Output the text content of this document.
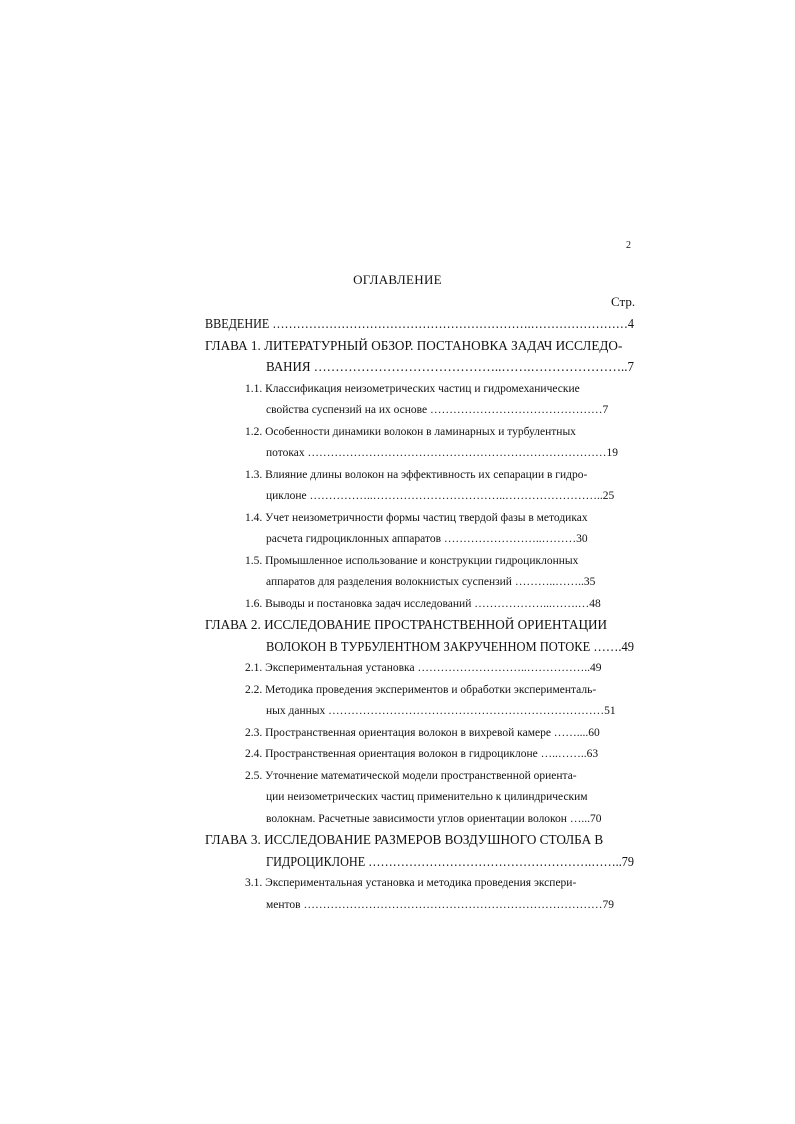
2
ОГЛАВЛЕНИЕ
Стр.
ВВЕДЕНИЕ ……………………………………………………….……………………4
ГЛАВА 1. ЛИТЕРАТУРНЫЙ ОБЗОР. ПОСТАНОВКА ЗАДАЧ ИССЛЕДО-
ВАНИЯ ……………………………………..…….…………………..7
1.1. Классификация неизометрических частиц и гидромеханические
свойства суспензий на их основе ………………………………………7
1.2. Особенности динамики волокон в ламинарных и турбулентных
потоках ……………………………………………………………………19
1.3. Влияние длины волокон на эффективность их сепарации в гидро-
циклоне ……………..……………………………..……………………..25
1.4. Учет неизометричности формы частиц твердой фазы в методиках
расчета гидроциклонных аппаратов ……………………..………30
1.5. Промышленное использование и конструкции гидроциклонных
аппаратов для разделения волокнистых суспензий ………..……..35
1.6. Выводы и постановка задач исследований ………………...…….…48
ГЛАВА 2. ИССЛЕДОВАНИЕ ПРОСТРАНСТВЕННОЙ ОРИЕНТАЦИИ
ВОЛОКОН В ТУРБУЛЕНТНОМ ЗАКРУЧЕННОМ ПОТОКЕ …….49
2.1. Экспериментальная установка ………………………..……………..49
2.2. Методика проведения экспериментов и обработки эксперименталь-
ных данных ………………………………………………………………51
2.3. Пространственная ориентация волокон в вихревой камере ……....60
2.4. Пространственная ориентация волокон в гидроциклоне …..……..63
2.5. Уточнение математической модели пространственной ориента-
ции неизометрических частиц применительно к цилиндрическим
волокнам. Расчетные зависимости углов ориентации волокон …...70
ГЛАВА 3. ИССЛЕДОВАНИЕ РАЗМЕРОВ ВОЗДУШНОГО СТОЛБА В
ГИДРОЦИКЛОНЕ ……………………………………………….……..79
3.1. Экспериментальная установка и методика проведения экспери-
ментов ……………………………………………………………………79
